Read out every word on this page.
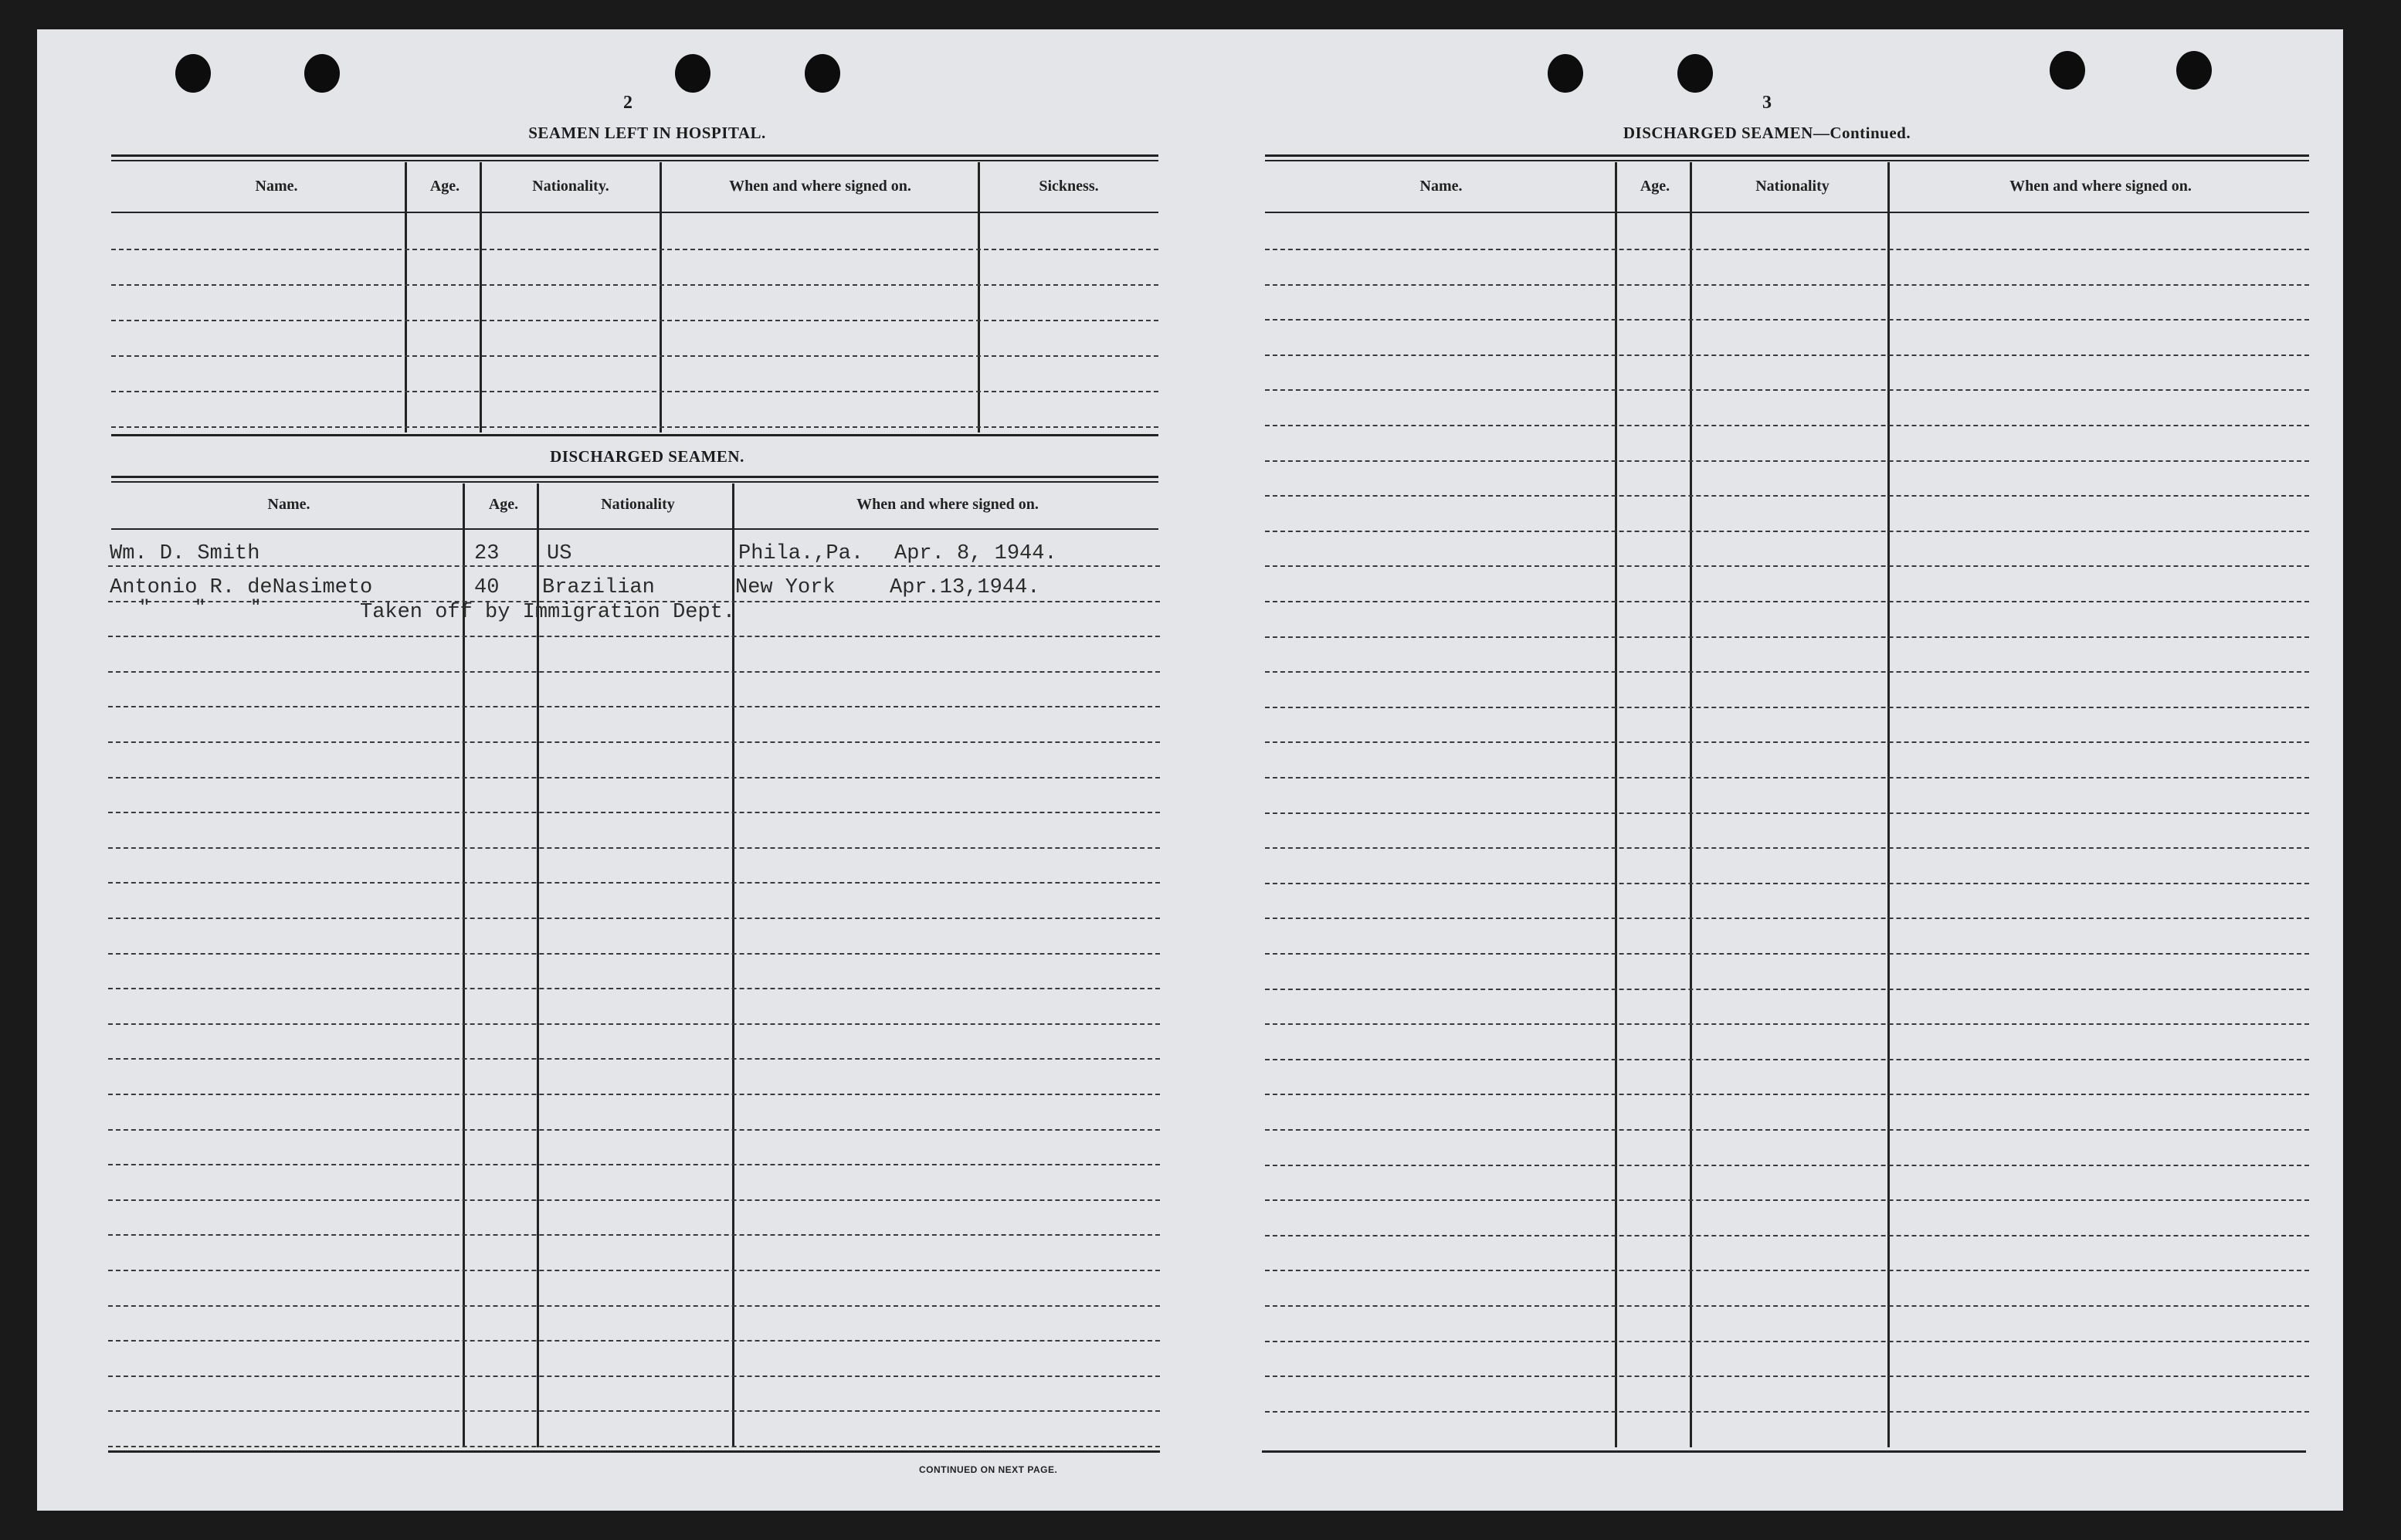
2
SEAMEN LEFT IN HOSPITAL.
Name.	Age.	Nationality.	When and where signed on.	Sickness.
DISCHARGED SEAMEN.
Name.	Age.	Nationality	When and where signed on.
Wm. D. Smith	23 US	Phila.,Pa. Apr. 8, 1944.
Antonio R. deNasimeto	40 Brazilian	New York	Apr.13,1944.
"    "    "	Taken off by Immigration Dept.
CONTINUED ON NEXT PAGE.
3
DISCHARGED SEAMEN—Continued.
Name.	Age.	Nationality	When and where signed on.
